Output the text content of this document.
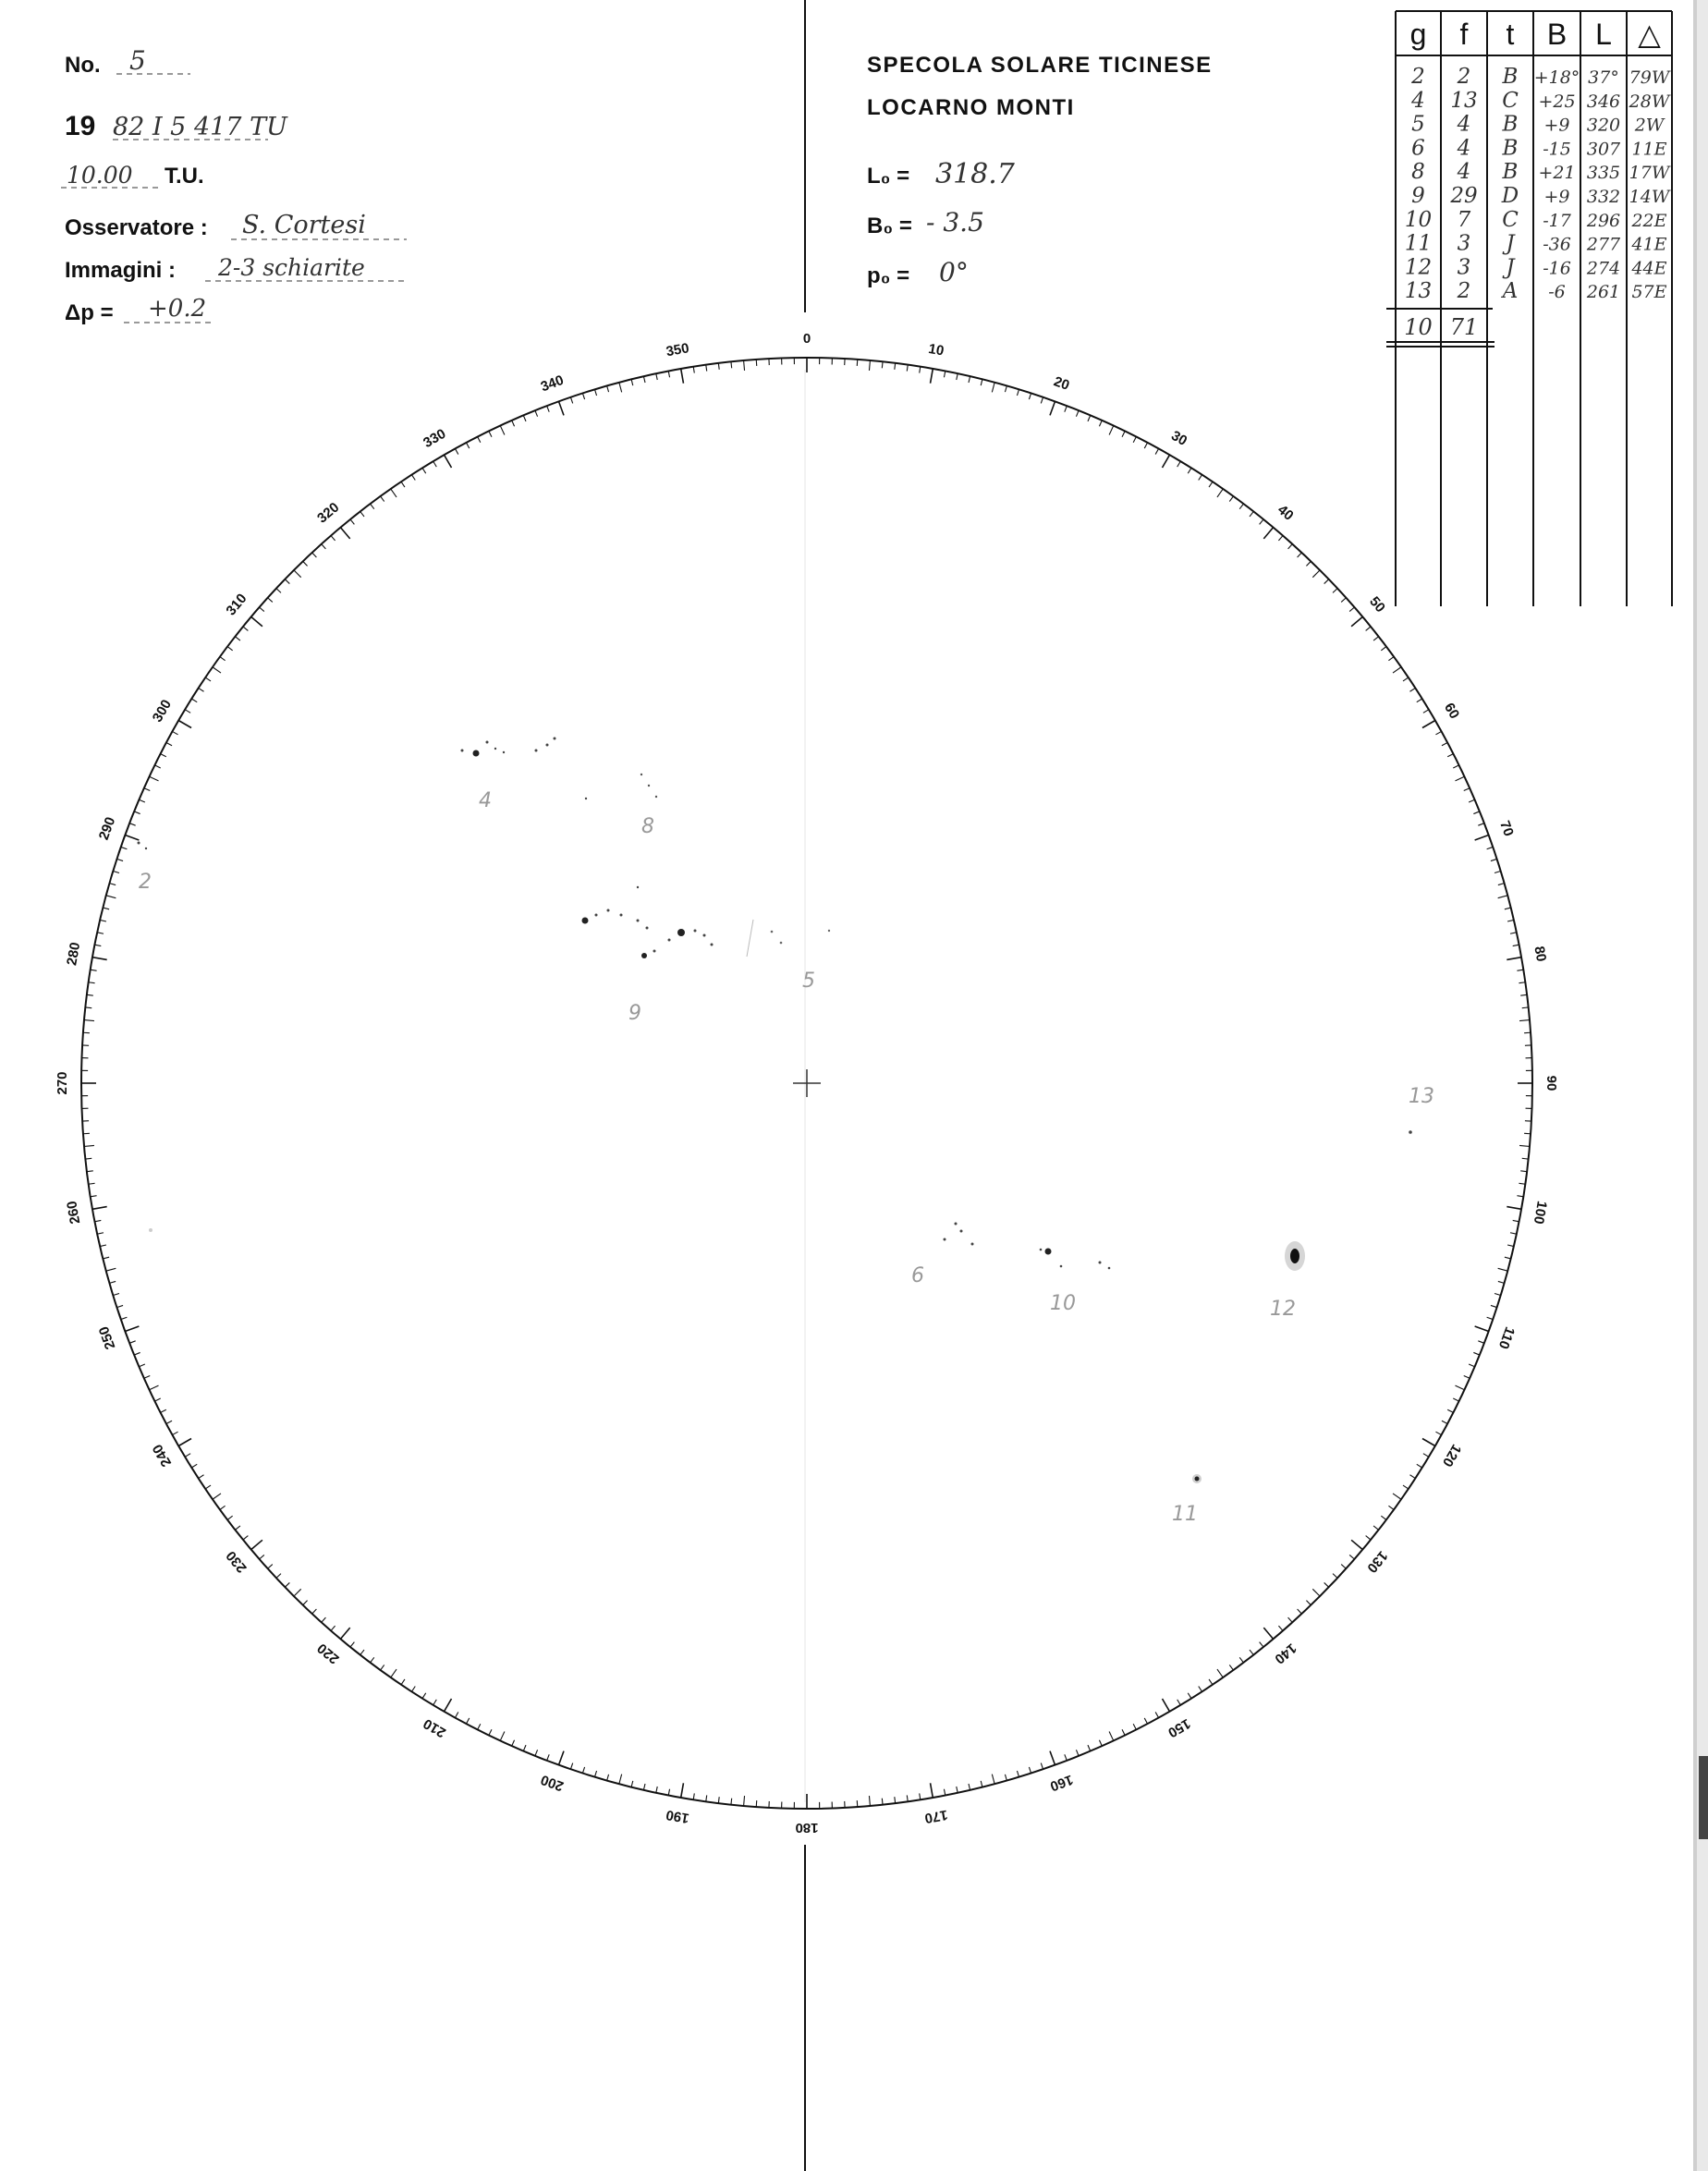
No. 5
19 82 I 5 417 TU
10.00 T.U.
Osservatore : S. Cortesi
Immagini : 2-3 schiarite
Δp = +0.2
SPECOLA SOLARE TICINESE
LOCARNO MONTI
L₀ = 318.7
B₀ = - 3.5
p₀ = 0°
g f t B L △
2 2 B +18° 37° 79W
4 13 C +25 346 28W
5 4 B +9 320 2W
6 4 B -15 307 11E
8 4 B +21 335 17W
9 29 D +9 332 14W
10 7 C -17 296 22E
11 3 J -36 277 41E
12 3 J -16 274 44E
13 2 A -6 261 57E
10 71
0
10
20
30
40
50
60
70
80
90
100
110
120
130
140
150
160
170
180
190
200
210
220
230
240
250
260
270
280
290
300
310
320
330
340
350
2
4
8
9
5
13
6
10	12
11
